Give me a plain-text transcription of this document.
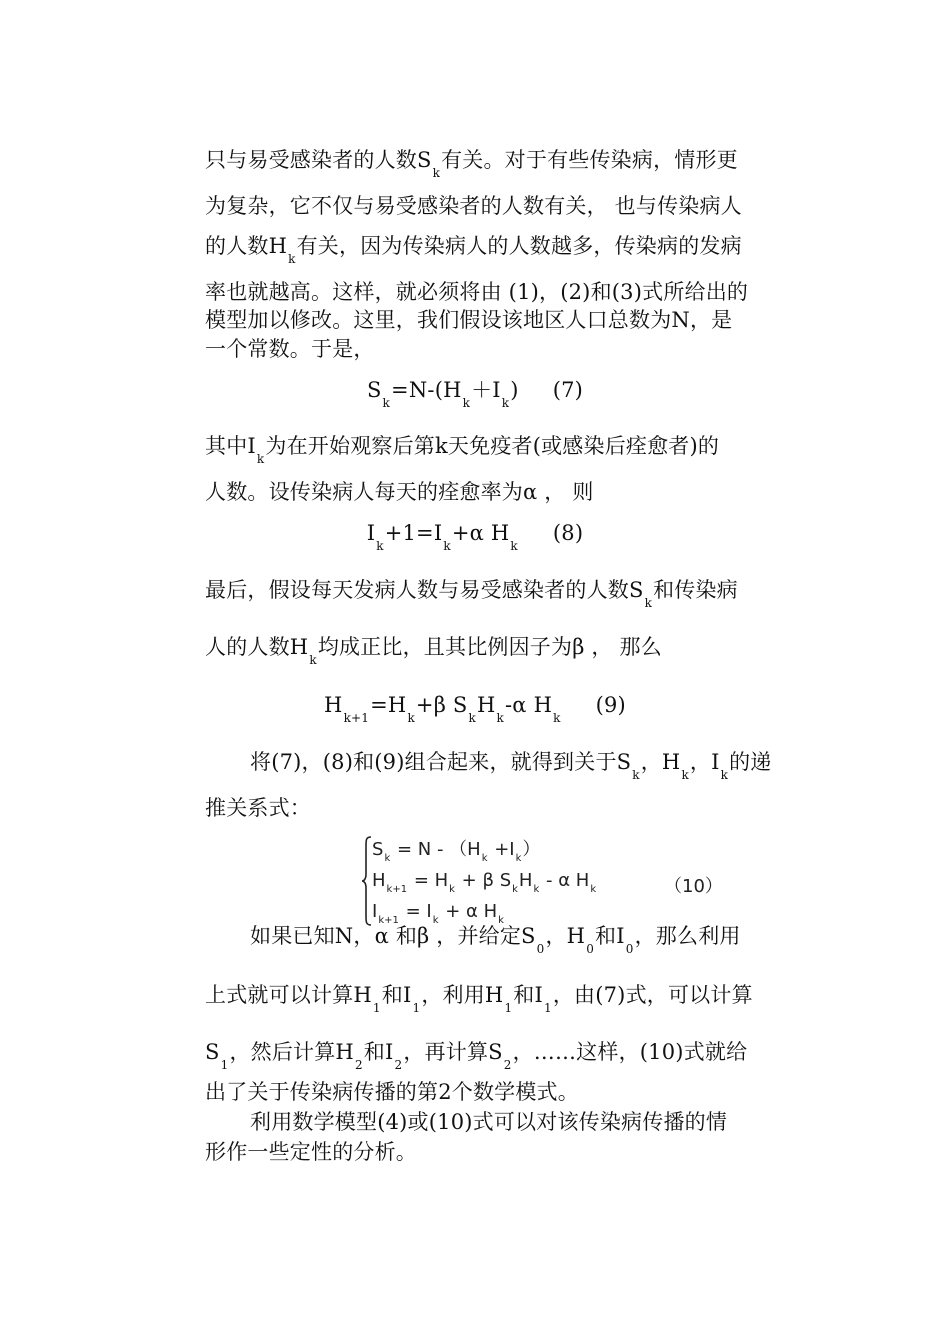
只与易受感染者的人数$S_k$有关。对于有些传染病，情形更
为复杂，它不仅与易受感染者的人数有关， 也与传染病人
的人数$H_k$有关，因为传染病人的人数越多，传染病的发病
率也就越高。这样，就必须将由 (1)，(2)和(3)式所给出的
模型加以修改。这里，我们假设该地区人口总数为N，是
一个常数。于是，
$S_k=N-(H_k+I_k)$ (7)
其中$I_k$为在开始观察后第k天免疫者(或感染后痊愈者)的
人数。设传染病人每天的痊愈率为α ， 则
$I_k+1=I_k+\alpha$ $H_k(8)$
最后，假设每天发病人数与易受感染者的人数$S_k$和传染病
人的人数$H_k$均成正比，且其比例因子为β ， 那么
$H_{k+1}=H_k+\beta$ $S_kH_k-\alpha$ $H_k(9)$
将(7)，(8)和(9)组合起来，就得到关于$S_k$，$H_k$，$I_k$的递
推关系式：
$S_k = N - (H_k +I_k)$
$H_{k+1} = H_k + \beta$ $S_kH_k$ - α $H_k$
$I_{k+1} = I_k + \alpha$ $H_k$
（10）
如果已知N，α 和β ，并给定$S_0$，$H_0$和$I_0$，那么利用
上式就可以计算$H_1$和$I_1$，利用$H_1$和$I_1$，由(7)式，可以计算
$S_1$，然后计算$H_2$和$I_2$，再计算$S_2$，……这样，(10)式就给
出了关于传染病传播的第2个数学模式。
利用数学模型(4)或(10)式可以对该传染病传播的情
形作一些定性的分析。
